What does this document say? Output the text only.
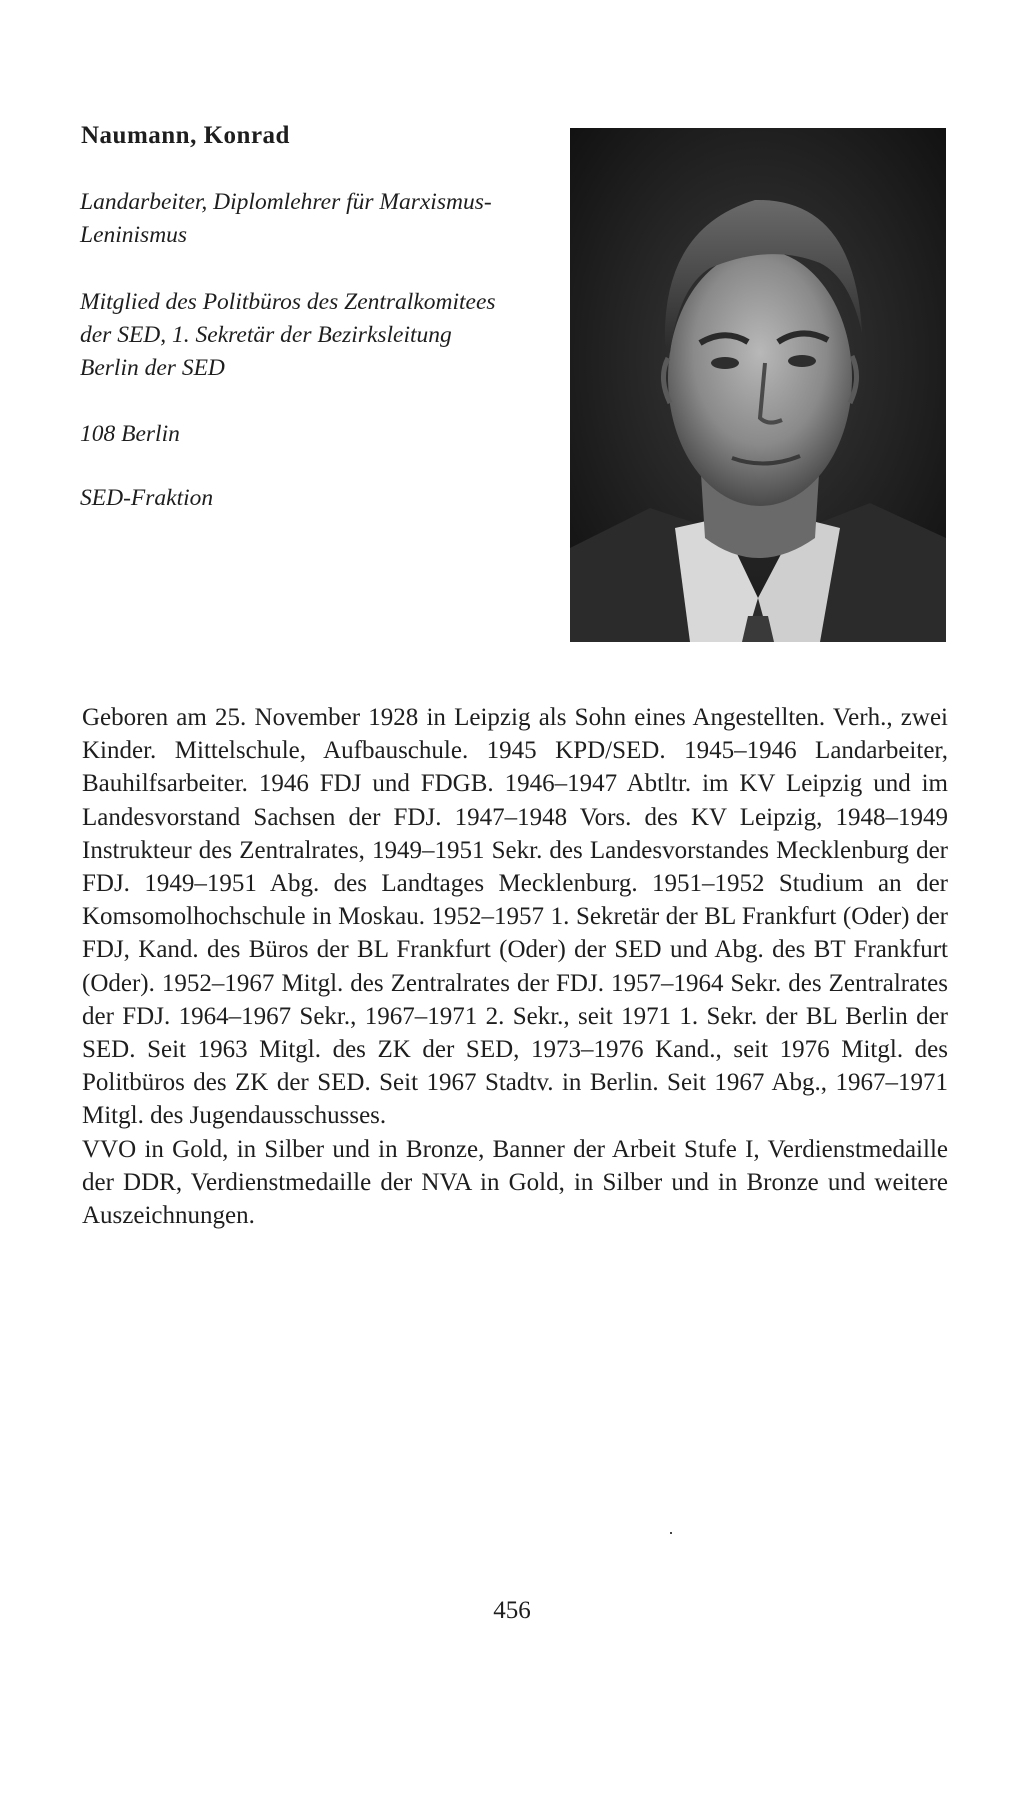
Naumann, Konrad
Landarbeiter, Diplomlehrer für Marxismus-Leninismus
Mitglied des Politbüros des Zentralkomitees der SED, 1. Sekretär der Bezirksleitung Berlin der SED
108 Berlin
SED-Fraktion

Geboren am 25. November 1928 in Leipzig als Sohn eines Angestellten. Verh., zwei Kinder. Mittelschule, Aufbauschule. 1945 KPD/SED. 1945–1946 Landarbeiter, Bauhilfsarbeiter. 1946 FDJ und FDGB. 1946–1947 Abtltr. im KV Leipzig und im Landesvorstand Sachsen der FDJ. 1947–1948 Vors. des KV Leipzig, 1948–1949 Instrukteur des Zentralrates, 1949–1951 Sekr. des Landesvorstandes Mecklenburg der FDJ. 1949–1951 Abg. des Landtages Mecklenburg. 1951–1952 Studium an der Komsomolhochschule in Moskau. 1952–1957 1. Sekretär der BL Frankfurt (Oder) der FDJ, Kand. des Büros der BL Frankfurt (Oder) der SED und Abg. des BT Frankfurt (Oder). 1952–1967 Mitgl. des Zentralrates der FDJ. 1957–1964 Sekr. des Zentralrates der FDJ. 1964–1967 Sekr., 1967–1971 2. Sekr., seit 1971 1. Sekr. der BL Berlin der SED. Seit 1963 Mitgl. des ZK der SED, 1973–1976 Kand., seit 1976 Mitgl. des Politbüros des ZK der SED. Seit 1967 Stadtv. in Berlin. Seit 1967 Abg., 1967–1971 Mitgl. des Jugendausschusses.

VVO in Gold, in Silber und in Bronze, Banner der Arbeit Stufe I, Verdienstmedaille der DDR, Verdienstmedaille der NVA in Gold, in Silber und in Bronze und weitere Auszeichnungen.

456
